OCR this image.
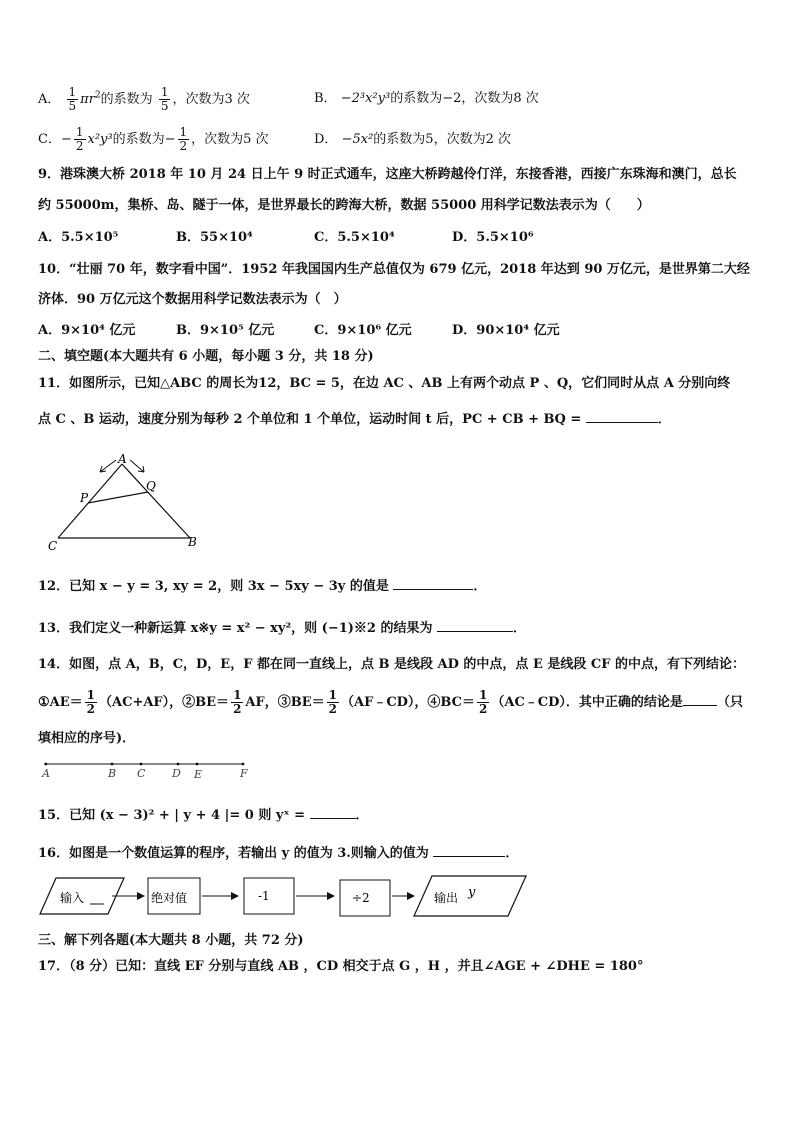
A． $\frac{1}{5} \pi r^2$的系数为 $\frac{1}{5}$ ，次数为3 次	B． −2³x²y³的系数为−2，次数为8 次
C．− $\frac{1}{2} x^2y^3$的系数为− $\frac{1}{2}$ ，次数为5 次	D． −5x²的系数为5，次数为2 次
9．港珠澳大桥 2018 年 10 月 24 日上午 9 时正式通车，这座大桥跨越伶仃洋，东接香港，西接广东珠海和澳门，总长
约 55000m，集桥、岛、隧于一体，是世界最长的跨海大桥，数据 55000 用科学记数法表示为（　　）
A．5.5×10⁵	B．55×10⁴	C．5.5×10⁴	D．5.5×10⁶
10．“壮丽 70 年，数字看中国”．1952 年我国国内生产总值仅为 679 亿元，2018 年达到 90 万亿元，是世界第二大经
济体．90 万亿元这个数据用科学记数法表示为（　）
A．9×10⁴ 亿元	B．9×10⁵ 亿元	C．9×10⁶ 亿元	D．90×10⁴ 亿元
二、填空题(本大题共有 6 小题，每小题 3 分，共 18 分)
11．如图所示，已知△ABC 的周长为12，BC = 5，在边 AC 、AB 上有两个动点 P 、Q，它们同时从点 A 分别向终
点 C 、B 运动，速度分别为每秒 2 个单位和 1 个单位，运动时间 t 后，PC + CB + BQ =	．
A
P
Q
C	B
12．已知 x − y = 3, xy = 2，则 3x − 5xy − 3y 的值是	．
13．我们定义一种新运算 x※y = x² − xy²，则 (−1)※2 的结果为	．
14．如图，点 A，B，C，D，E，F 都在同一直线上，点 B 是线段 AD 的中点，点 E 是线段 CF 的中点，有下列结论：
①AE＝ $\frac{1}{2} (AC+AF)$，②BE＝ $\frac{1}{2}$ AF，③BE＝ $\frac{1}{2}$ （AF﹣CD），④BC＝ $\frac{1}{2}$ （AC﹣CD）．其中正确的结论是	（只
填相应的序号)．
A	B C D E	F
15．已知 (x − 3)² + | y + 4 |= 0 则 yˣ =	．
16．如图是一个数值运算的程序，若输出 y 的值为 3.则输入的值为	．
输入	绝对值	-1	÷2	输出 y
三、解下列各题(本大题共 8 小题，共 72 分)
17．（8 分）已知：直线 EF 分别与直线 AB ，CD 相交于点 G ，H ，并且∠AGE + ∠DHE = 180°
